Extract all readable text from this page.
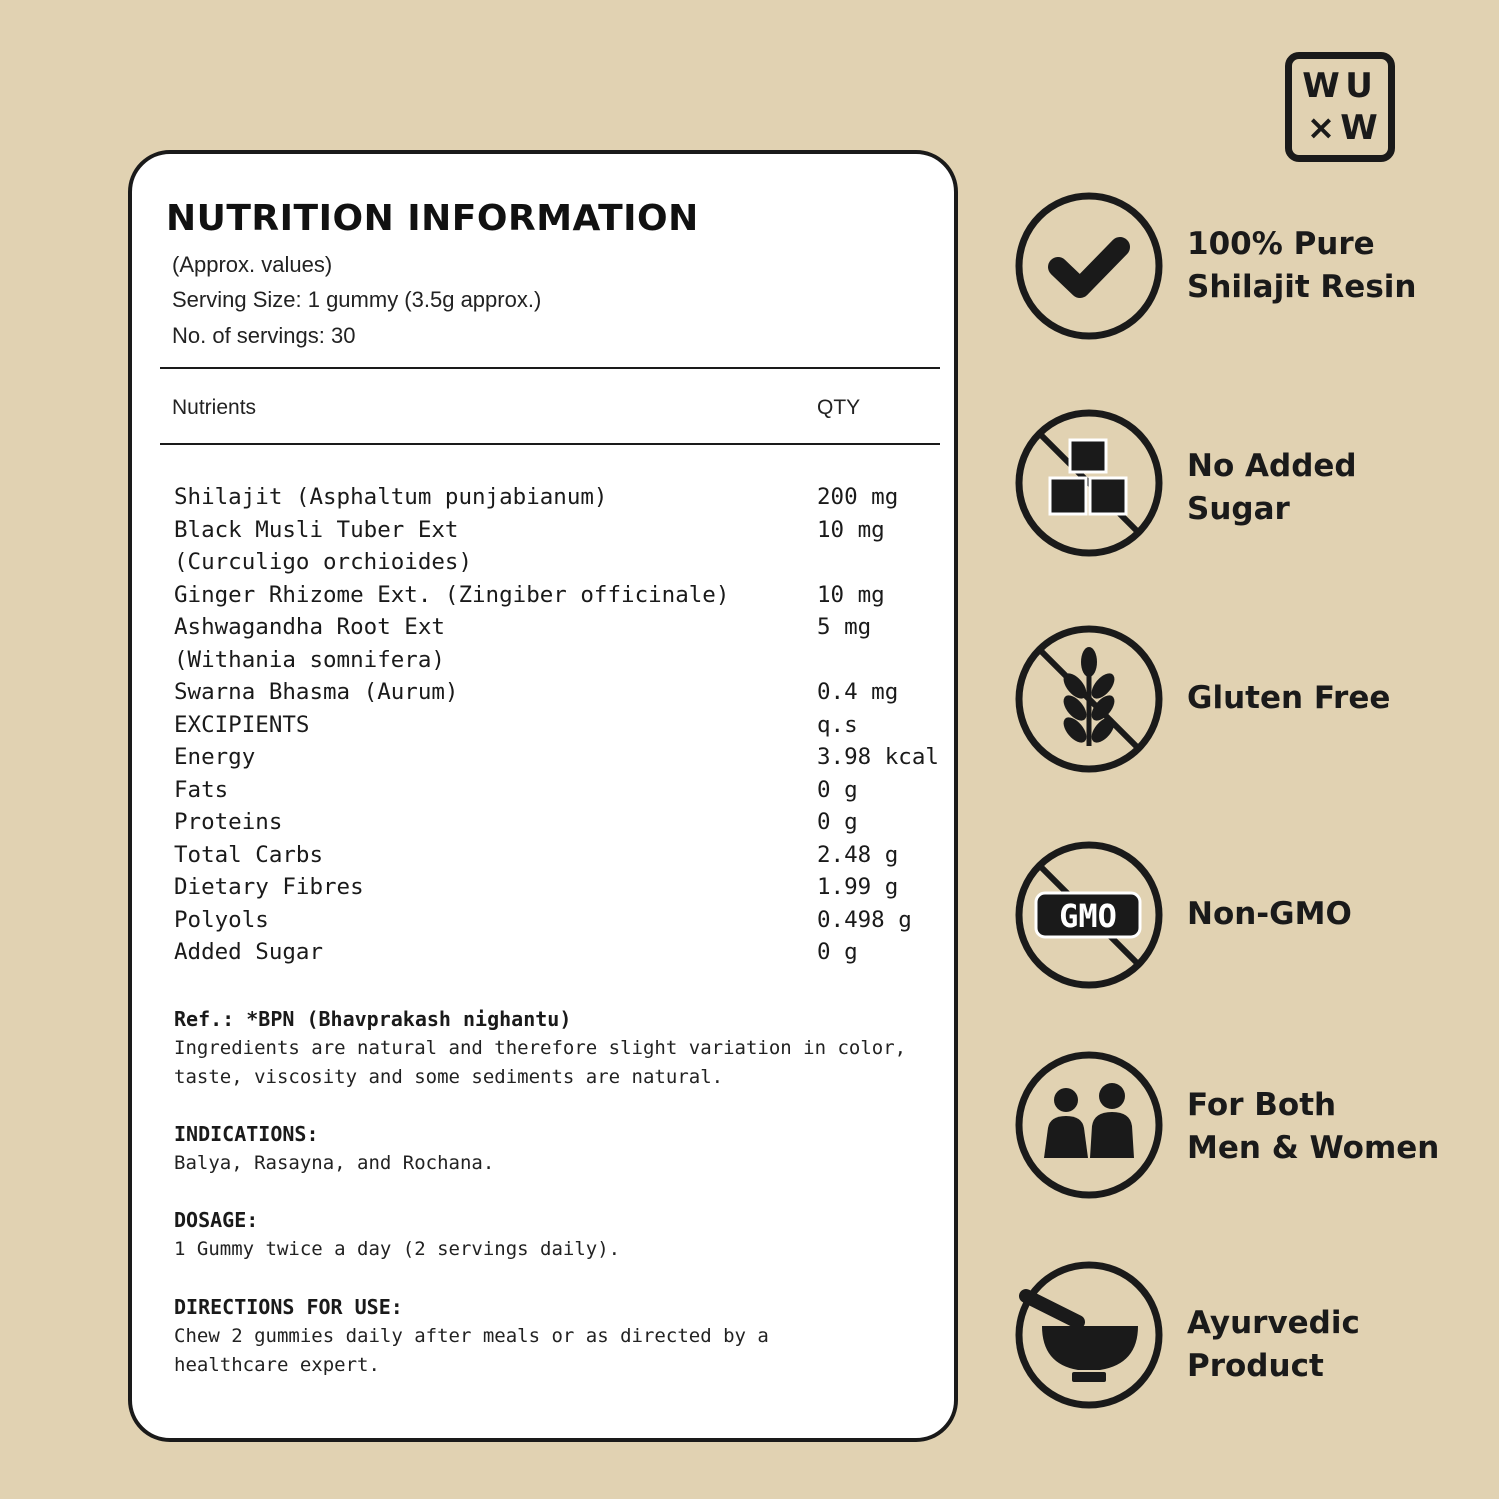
W U
× W
NUTRITION INFORMATION
(Approx. values)
Serving Size: 1 gummy (3.5g approx.)
No. of servings: 30
Nutrients	QTY
Shilajit (Asphaltum punjabianum)	200 mg
Black Musli Tuber Ext	10 mg
(Curculigo orchioides)
Ginger Rhizome Ext. (Zingiber officinale)	10 mg
Ashwagandha Root Ext	5 mg
(Withania somnifera)
Swarna Bhasma (Aurum)	0.4 mg
EXCIPIENTS	q.s
Energy	3.98 kcal
Fats	0 g
Proteins	0 g
Total Carbs	2.48 g
Dietary Fibres	1.99 g
Polyols	0.498 g
Added Sugar	0 g
Ref.: *BPN (Bhavprakash nighantu)
Ingredients are natural and therefore slight variation in color,
taste, viscosity and some sediments are natural.
INDICATIONS:
Balya, Rasayna, and Rochana.
DOSAGE:
1 Gummy twice a day (2 servings daily).
DIRECTIONS FOR USE:
Chew 2 gummies daily after meals or as directed by a
healthcare expert.
100% Pure
Shilajit Resin
No Added
Sugar
Gluten Free
GMO Non-GMO
For Both
Men & Women
Ayurvedic
Product
